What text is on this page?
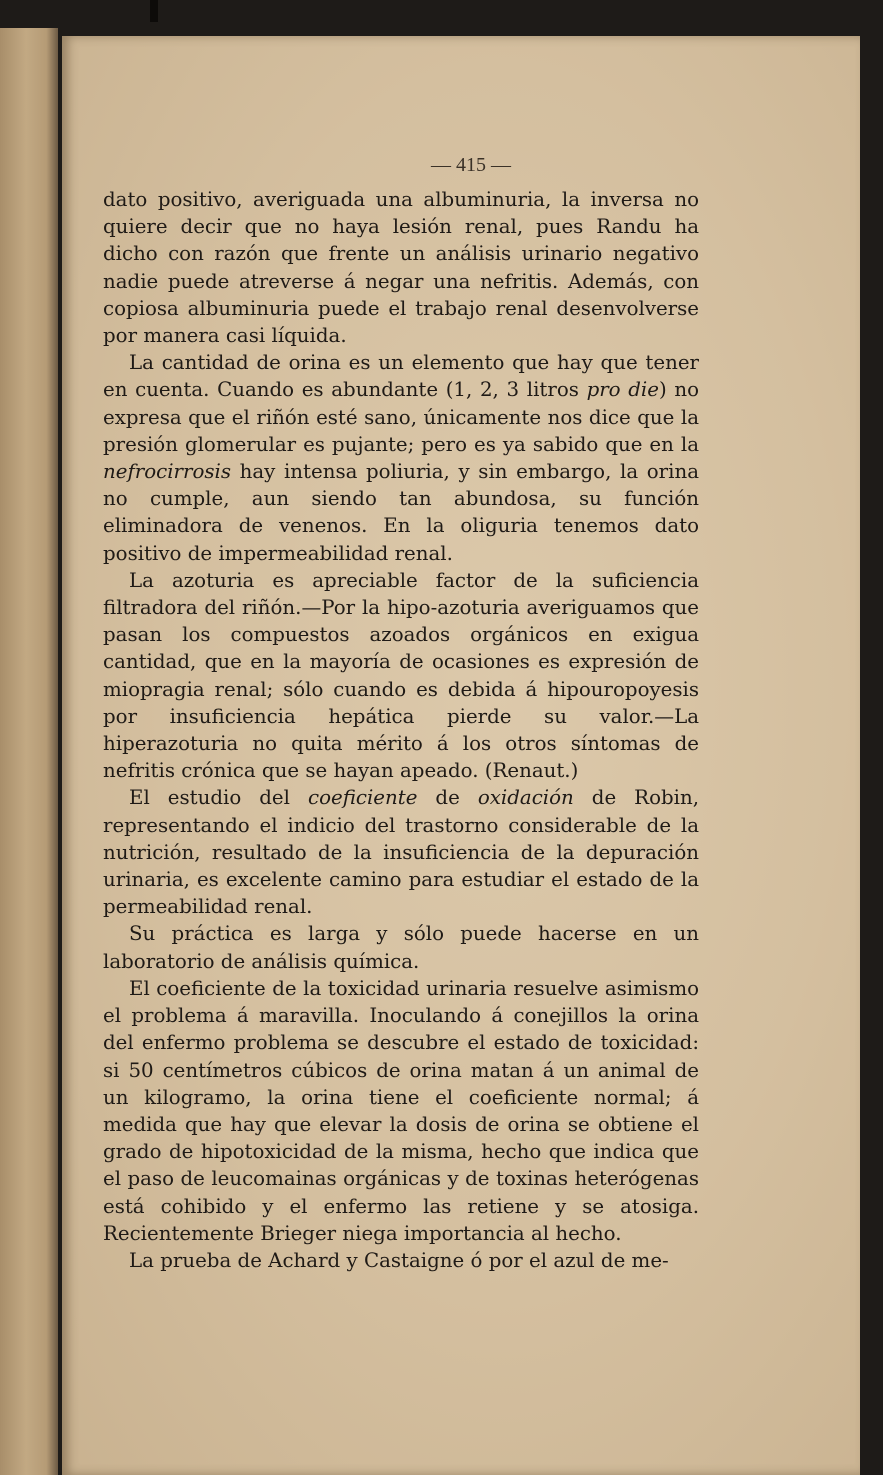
— 415 —

dato positivo, averiguada una albuminuria, la inversa no quiere decir que no haya lesión renal, pues Randu ha dicho con razón que frente un análisis urinario negativo nadie puede atreverse á negar una nefritis. Además, con copiosa albuminuria puede el trabajo renal desenvolverse por manera casi líquida.

La cantidad de orina es un elemento que hay que tener en cuenta. Cuando es abundante (1, 2, 3 litros pro die) no expresa que el riñón esté sano, únicamente nos dice que la presión glomerular es pujante; pero es ya sabido que en la nefrocirrosis hay intensa poliuria, y sin embargo, la orina no cumple, aun siendo tan abundosa, su función eliminadora de venenos. En la oliguria tenemos dato positivo de impermeabilidad renal.

La azoturia es apreciable factor de la suficiencia filtradora del riñón.—Por la hipo-azoturia averiguamos que pasan los compuestos azoados orgánicos en exigua cantidad, que en la mayoría de ocasiones es expresión de miopragia renal; sólo cuando es debida á hipouropoyesis por insuficiencia hepática pierde su valor.—La hiperazoturia no quita mérito á los otros síntomas de nefritis crónica que se hayan apeado. (Renaut.)

El estudio del coeficiente de oxidación de Robin, representando el indicio del trastorno considerable de la nutrición, resultado de la insuficiencia de la depuración urinaria, es excelente camino para estudiar el estado de la permeabilidad renal.

Su práctica es larga y sólo puede hacerse en un laboratorio de análisis química.

El coeficiente de la toxicidad urinaria resuelve asimismo el problema á maravilla. Inoculando á conejillos la orina del enfermo problema se descubre el estado de toxicidad: si 50 centímetros cúbicos de orina matan á un animal de un kilogramo, la orina tiene el coeficiente normal; á medida que hay que elevar la dosis de orina se obtiene el grado de hipotoxicidad de la misma, hecho que indica que el paso de leucomainas orgánicas y de toxinas heterógenas está cohibido y el enfermo las retiene y se atosiga. Recientemente Brieger niega importancia al hecho.

La prueba de Achard y Castaigne ó por el azul de me-
